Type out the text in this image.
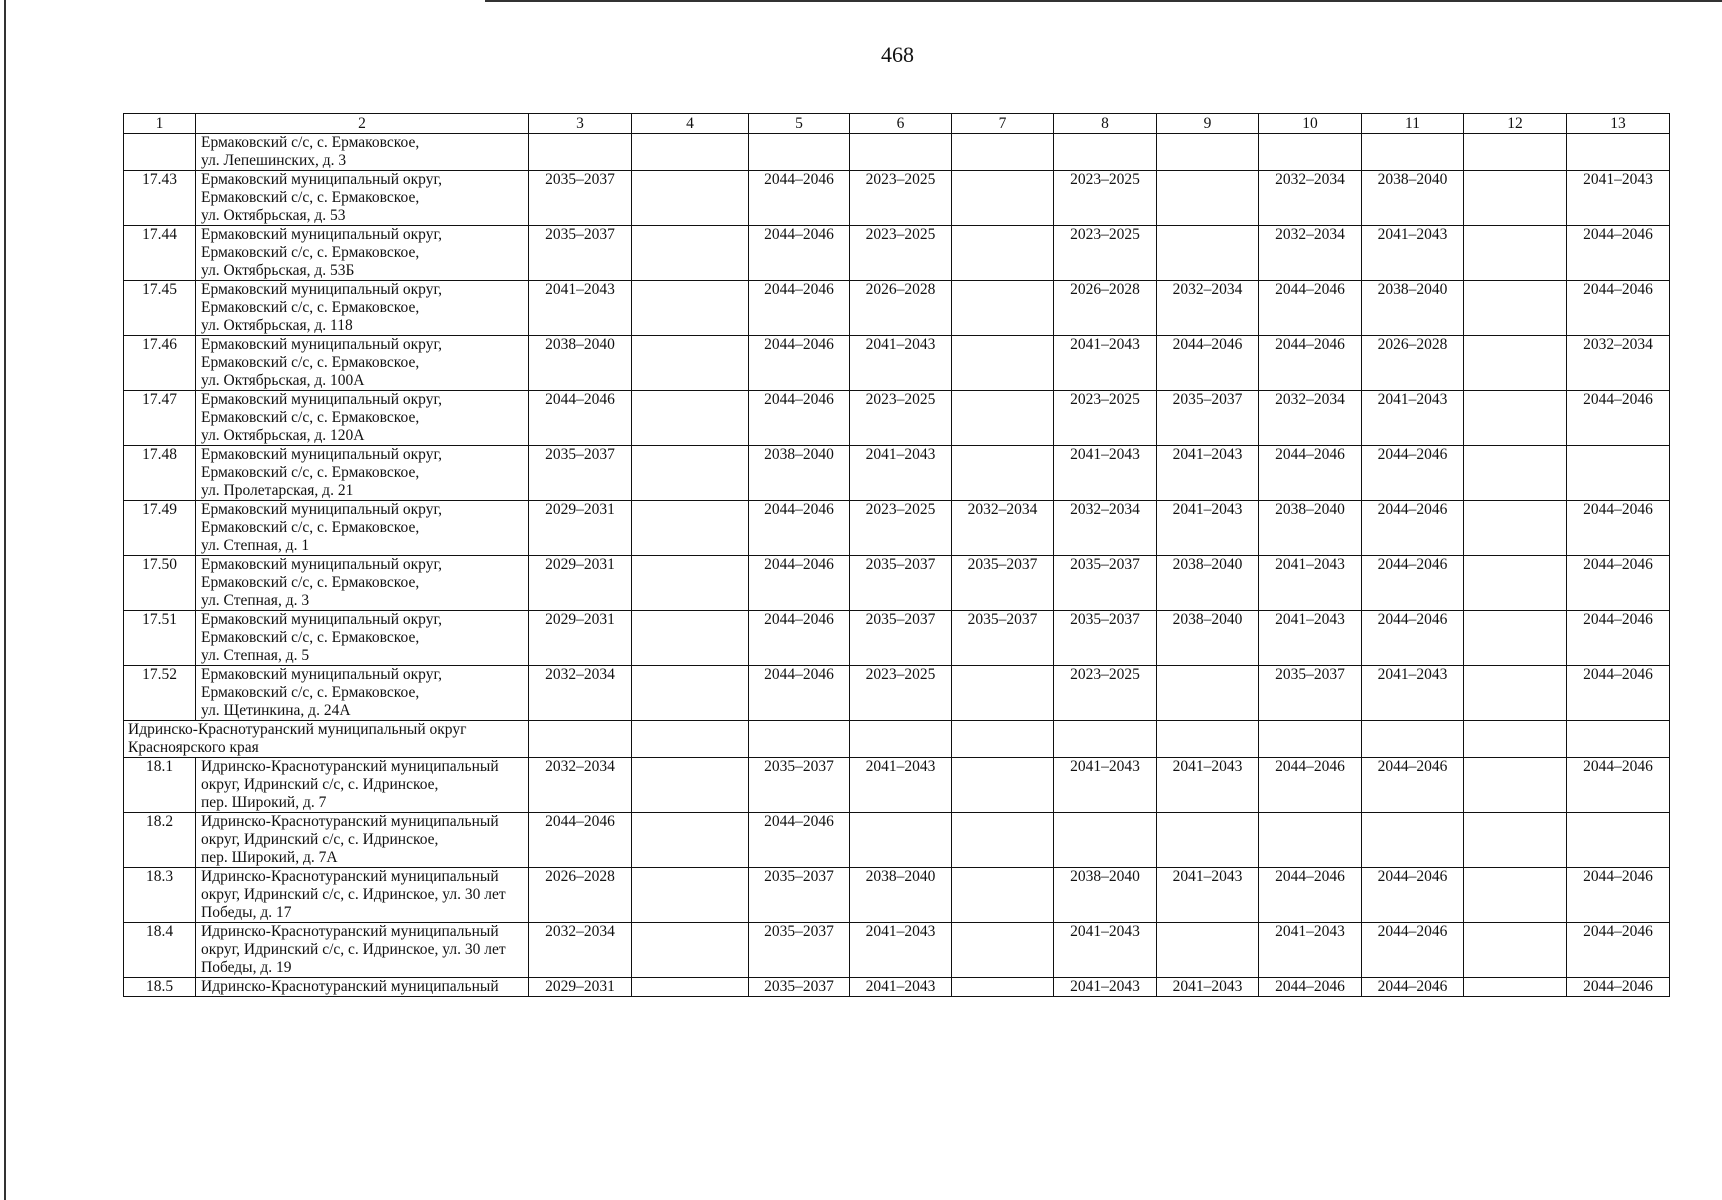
468
1	2	3	4	5	6	7	8	9	10	11	12	13

	Ермаковский с/с, с. Ермаковское,
ул. Лепешинских, д. 3											

17.43	Ермаковский муниципальный округ,
Ермаковский с/с, с. Ермаковское,
ул. Октябрьская, д. 53	2035–2037		2044–2046	2023–2025		2023–2025		2032–2034	2038–2040		2041–2043
17.44	Ермаковский муниципальный округ,
Ермаковский с/с, с. Ермаковское,
ул. Октябрьская, д. 53Б	2035–2037		2044–2046	2023–2025		2023–2025		2032–2034	2041–2043		2044–2046
17.45	Ермаковский муниципальный округ,
Ермаковский с/с, с. Ермаковское,
ул. Октябрьская, д. 118	2041–2043		2044–2046	2026–2028		2026–2028	2032–2034	2044–2046	2038–2040		2044–2046
17.46	Ермаковский муниципальный округ,
Ермаковский с/с, с. Ермаковское,
ул. Октябрьская, д. 100А	2038–2040		2044–2046	2041–2043		2041–2043	2044–2046	2044–2046	2026–2028		2032–2034
17.47	Ермаковский муниципальный округ,
Ермаковский с/с, с. Ермаковское,
ул. Октябрьская, д. 120А	2044–2046		2044–2046	2023–2025		2023–2025	2035–2037	2032–2034	2041–2043		2044–2046
17.48	Ермаковский муниципальный округ,
Ермаковский с/с, с. Ермаковское,
ул. Пролетарская, д. 21	2035–2037		2038–2040	2041–2043		2041–2043	2041–2043	2044–2046	2044–2046		
17.49	Ермаковский муниципальный округ,
Ермаковский с/с, с. Ермаковское,
ул. Степная, д. 1	2029–2031		2044–2046	2023–2025	2032–2034	2032–2034	2041–2043	2038–2040	2044–2046		2044–2046
17.50	Ермаковский муниципальный округ,
Ермаковский с/с, с. Ермаковское,
ул. Степная, д. 3	2029–2031		2044–2046	2035–2037	2035–2037	2035–2037	2038–2040	2041–2043	2044–2046		2044–2046
17.51	Ермаковский муниципальный округ,
Ермаковский с/с, с. Ермаковское,
ул. Степная, д. 5	2029–2031		2044–2046	2035–2037	2035–2037	2035–2037	2038–2040	2041–2043	2044–2046		2044–2046
17.52	Ермаковский муниципальный округ,
Ермаковский с/с, с. Ермаковское,
ул. Щетинкина, д. 24А	2032–2034		2044–2046	2023–2025		2023–2025		2035–2037	2041–2043		2044–2046

Идринско-Краснотуранский муниципальный округ
Красноярского края												

18.1	Идринско-Краснотуранский муниципальный
округ, Идринский с/с, с. Идринское,
пер. Широкий, д. 7	2032–2034		2035–2037	2041–2043		2041–2043	2041–2043	2044–2046	2044–2046		2044–2046
18.2	Идринско-Краснотуранский муниципальный
округ, Идринский с/с, с. Идринское,
пер. Широкий, д. 7А	2044–2046		2044–2046								
18.3	Идринско-Краснотуранский муниципальный
округ, Идринский с/с, с. Идринское, ул. 30 лет
Победы, д. 17	2026–2028		2035–2037	2038–2040		2038–2040	2041–2043	2044–2046	2044–2046		2044–2046
18.4	Идринско-Краснотуранский муниципальный
округ, Идринский с/с, с. Идринское, ул. 30 лет
Победы, д. 19	2032–2034		2035–2037	2041–2043		2041–2043		2041–2043	2044–2046		2044–2046
18.5	Идринско-Краснотуранский муниципальный	2029–2031		2035–2037	2041–2043		2041–2043	2041–2043	2044–2046	2044–2046		2044–2046
